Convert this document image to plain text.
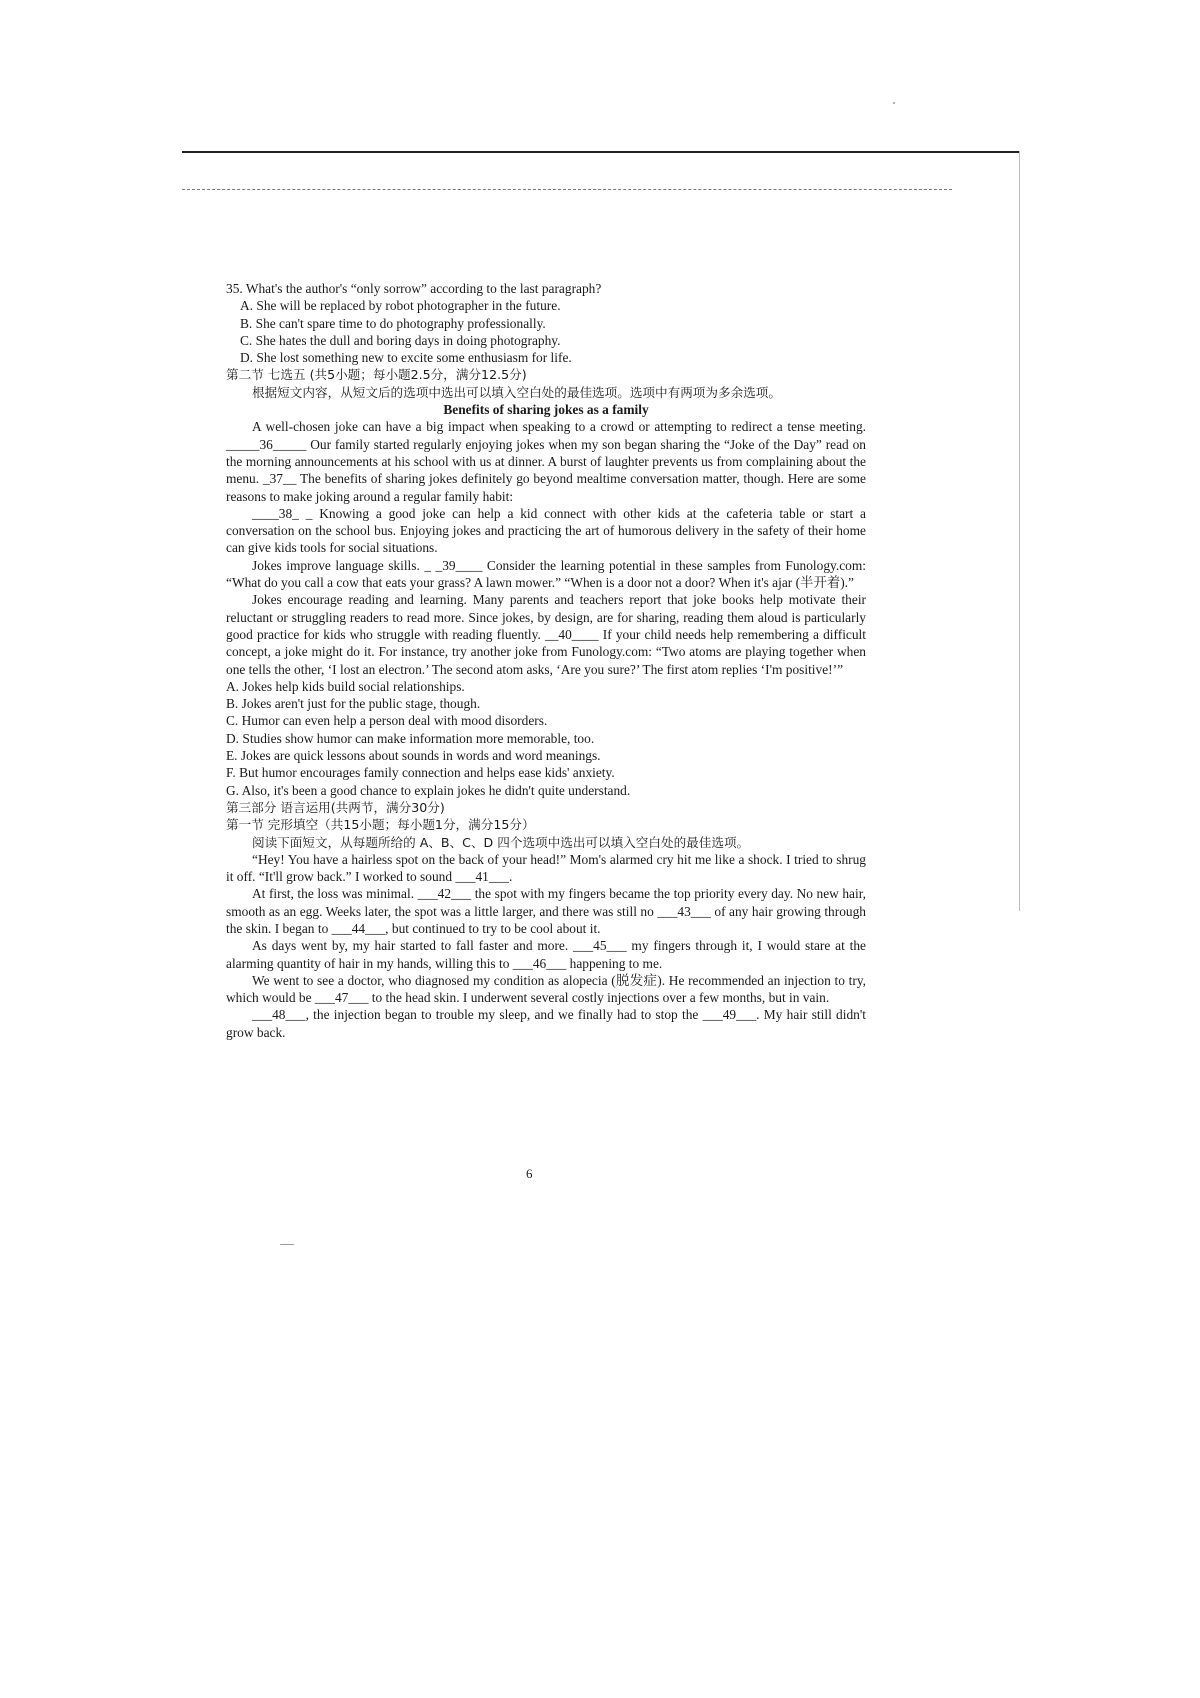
35. What's the author's “only sorrow” according to the last paragraph?
A. She will be replaced by robot photographer in the future.
B. She can't spare time to do photography professionally.
C. She hates the dull and boring days in doing photography.
D. She lost something new to excite some enthusiasm for life.
第二节 七选五 (共5小题；每小题2.5分，满分12.5分)
根据短文内容，从短文后的选项中选出可以填入空白处的最佳选项。选项中有两项为多余选项。
Benefits of sharing jokes as a family

A well-chosen joke can have a big impact when speaking to a crowd or attempting to redirect a tense meeting. _____36_____ Our family started regularly enjoying jokes when my son began sharing the “Joke of the Day” read on the morning announcements at his school with us at dinner. A burst of laughter prevents us from complaining about the menu. _37__ The benefits of sharing jokes definitely go beyond mealtime conversation matter, though. Here are some reasons to make joking around a regular family habit:

____38_ _ Knowing a good joke can help a kid connect with other kids at the cafeteria table or start a conversation on the school bus. Enjoying jokes and practicing the art of humorous delivery in the safety of their home can give kids tools for social situations.

Jokes improve language skills. _ _39____ Consider the learning potential in these samples from Funology.com: “What do you call a cow that eats your grass? A lawn mower.” “When is a door not a door? When it's ajar (半开着).”

Jokes encourage reading and learning. Many parents and teachers report that joke books help motivate their reluctant or struggling readers to read more. Since jokes, by design, are for sharing, reading them aloud is particularly good practice for kids who struggle with reading fluently. __40____ If your child needs help remembering a difficult concept, a joke might do it. For instance, try another joke from Funology.com: “Two atoms are playing together when one tells the other, ‘I lost an electron.’ The second atom asks, ‘Are you sure?’ The first atom replies ‘I'm positive!’”

A. Jokes help kids build social relationships.
B. Jokes aren't just for the public stage, though.
C. Humor can even help a person deal with mood disorders.
D. Studies show humor can make information more memorable, too.
E. Jokes are quick lessons about sounds in words and word meanings.
F. But humor encourages family connection and helps ease kids' anxiety.
G. Also, it's been a good chance to explain jokes he didn't quite understand.
第三部分 语言运用(共两节，满分30分)
第一节 完形填空（共15小题；每小题1分，满分15分）
阅读下面短文，从每题所给的 A、B、C、D 四个选项中选出可以填入空白处的最佳选项。

“Hey! You have a hairless spot on the back of your head!” Mom's alarmed cry hit me like a shock. I tried to shrug it off. “It'll grow back.” I worked to sound ___41___.

At first, the loss was minimal. ___42___ the spot with my fingers became the top priority every day. No new hair, smooth as an egg. Weeks later, the spot was a little larger, and there was still no ___43___ of any hair growing through the skin. I began to ___44___, but continued to try to be cool about it.

As days went by, my hair started to fall faster and more. ___45___ my fingers through it, I would stare at the alarming quantity of hair in my hands, willing this to ___46___ happening to me.

We went to see a doctor, who diagnosed my condition as alopecia (脱发症). He recommended an injection to try, which would be ___47___ to the head skin. I underwent several costly injections over a few months, but in vain.

___48___, the injection began to trouble my sleep, and we finally had to stop the ___49___. My hair still didn't grow back.

6
